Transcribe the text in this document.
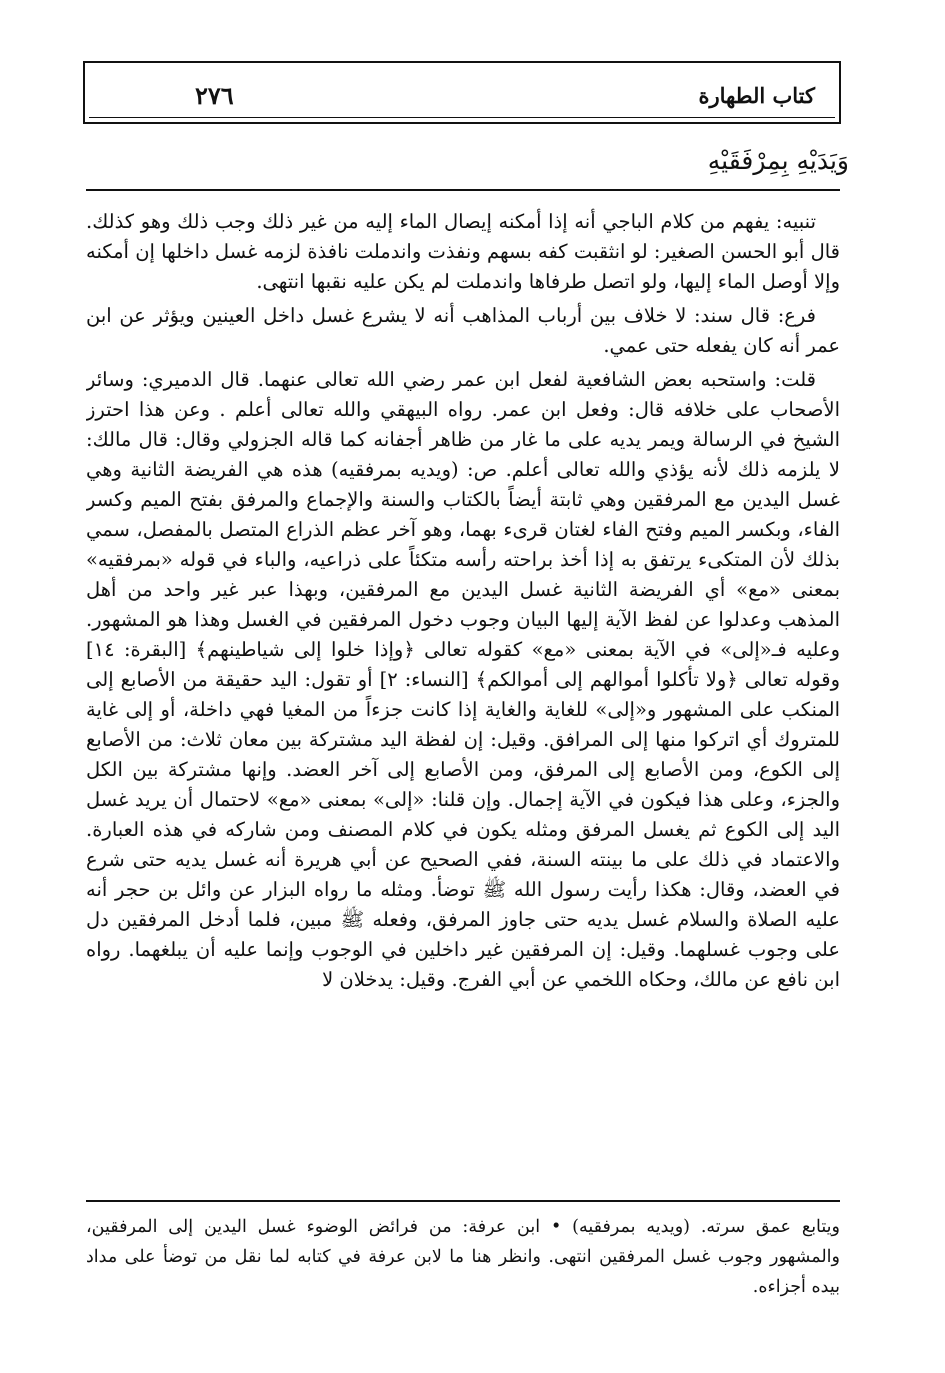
٢٧٦	كتاب الطهارة
وَيَدَيْهِ بِمِرْفَقَيْهِ

تنبيه: يفهم من كلام الباجي أنه إذا أمكنه إيصال الماء إليه من غير ذلك وجب ذلك وهو كذلك. قال أبو الحسن الصغير: لو انثقبت كفه بسهم ونفذت واندملت نافذة لزمه غسل داخلها إن أمكنه وإلا أوصل الماء إليها، ولو اتصل طرفاها واندملت لم يكن عليه نقبها انتهى.

فرع: قال سند: لا خلاف بين أرباب المذاهب أنه لا يشرع غسل داخل العينين ويؤثر عن ابن عمر أنه كان يفعله حتى عمي.

قلت: واستحبه بعض الشافعية لفعل ابن عمر رضي الله تعالى عنهما. قال الدميري: وسائر الأصحاب على خلافه قال: وفعل ابن عمر. رواه البيهقي والله تعالى أعلم . وعن هذا احترز الشيخ في الرسالة ويمر يديه على ما غار من ظاهر أجفانه كما قاله الجزولي وقال: قال مالك: لا يلزمه ذلك لأنه يؤذي والله تعالى أعلم. ص: (ويديه بمرفقيه) هذه هي الفريضة الثانية وهي غسل اليدين مع المرفقين وهي ثابتة أيضاً بالكتاب والسنة والإجماع والمرفق بفتح الميم وكسر الفاء، وبكسر الميم وفتح الفاء لغتان قرىء بهما، وهو آخر عظم الذراع المتصل بالمفصل، سمي بذلك لأن المتكىء يرتفق به إذا أخذ براحته رأسه متكئاً على ذراعيه، والباء في قوله «بمرفقيه» بمعنى «مع» أي الفريضة الثانية غسل اليدين مع المرفقين، وبهذا عبر غير واحد من أهل المذهب وعدلوا عن لفظ الآية إليها البيان وجوب دخول المرفقين في الغسل وهذا هو المشهور. وعليه فـ«إلى» في الآية بمعنى «مع» كقوله تعالى ﴿وإذا خلوا إلى شياطينهم﴾ [البقرة: ١٤] وقوله تعالى ﴿ولا تأكلوا أموالهم إلى أموالكم﴾ [النساء: ٢] أو تقول: اليد حقيقة من الأصابع إلى المنكب على المشهور و«إلى» للغاية والغاية إذا كانت جزءاً من المغيا فهي داخلة، أو إلى غاية للمتروك أي اتركوا منها إلى المرافق. وقيل: إن لفظة اليد مشتركة بين معان ثلاث: من الأصابع إلى الكوع، ومن الأصابع إلى المرفق، ومن الأصابع إلى آخر العضد. وإنها مشتركة بين الكل والجزء، وعلى هذا فيكون في الآية إجمال. وإن قلنا: «إلى» بمعنى «مع» لاحتمال أن يريد غسل اليد إلى الكوع ثم يغسل المرفق ومثله يكون في كلام المصنف ومن شاركه في هذه العبارة. والاعتماد في ذلك على ما بينته السنة، ففي الصحيح عن أبي هريرة أنه غسل يديه حتى شرع في العضد، وقال: هكذا رأيت رسول الله ﷺ توضأ. ومثله ما رواه البزار عن وائل بن حجر أنه عليه الصلاة والسلام غسل يديه حتى جاوز المرفق، وفعله ﷺ مبين، فلما أدخل المرفقين دل على وجوب غسلهما. وقيل: إن المرفقين غير داخلين في الوجوب وإنما عليه أن يبلغهما. رواه ابن نافع عن مالك، وحكاه اللخمي عن أبي الفرج. وقيل: يدخلان لا

ويتابع عمق سرته. (ويديه بمرفقيه) • ابن عرفة: من فرائض الوضوء غسل اليدين إلى المرفقين، والمشهور وجوب غسل المرفقين انتهى. وانظر هنا ما لابن عرفة في كتابه لما نقل من توضأ على مداد بيده أجزاءه.
